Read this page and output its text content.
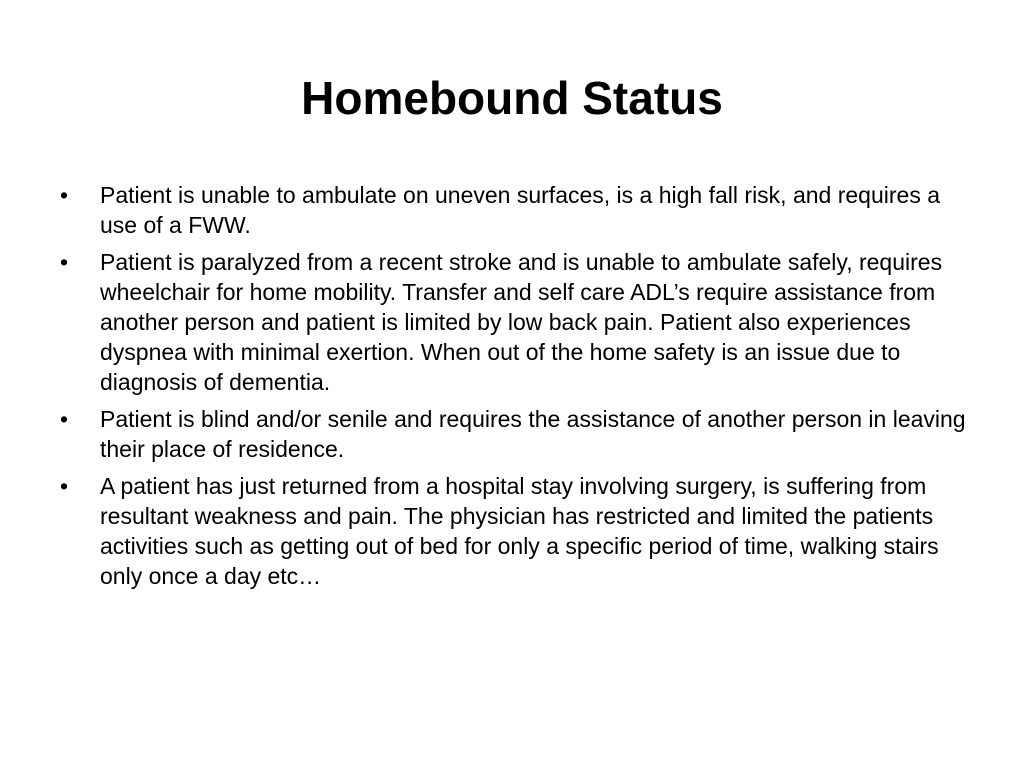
Homebound Status
•	Patient is unable to ambulate on uneven surfaces, is a high fall risk, and requires a use of a FWW.
•	Patient is paralyzed from a recent stroke and is unable to ambulate safely, requires wheelchair for home mobility. Transfer and self care ADL’s require assistance from another person and patient is limited by low back pain. Patient also experiences dyspnea with minimal exertion. When out of the home safety is an issue due to diagnosis of dementia.
•	Patient is blind and/or senile and requires the assistance of another person in leaving their place of residence.
•	A patient has just returned from a hospital stay involving surgery, is suffering from resultant weakness and pain. The physician has restricted and limited the patients activities such as getting out of bed for only a specific period of time, walking stairs only once a day etc…
